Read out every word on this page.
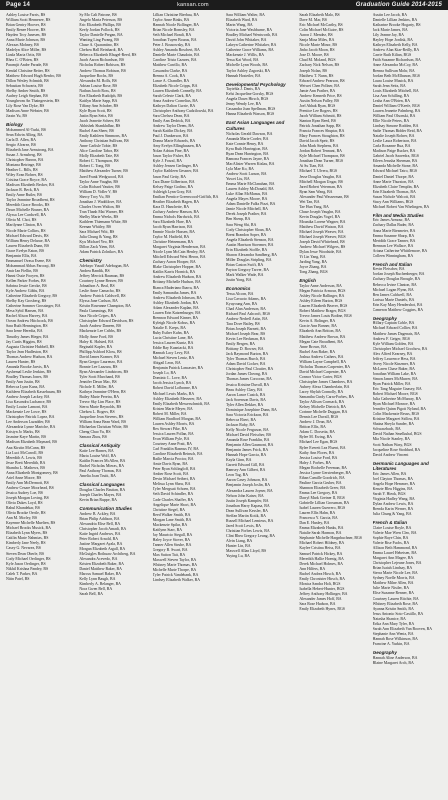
Page 14	kansan.com	Graduation Guide 2014-2015
Ashley Louise Farris, BS
William Scott Hennesee, BS
Brian Gentry Hoover, BS
Emily Renee Hoover, BS
Hayden Troy Janesen, BS
Anna Marie Johnson, BS
Alexzas Mohney, BS
Madelyn Alice Miller, BS
Linda Maria Ortiz, BS
Rhea C. O'Brien, BS
Paramjit Andre Parade, BS
Kendal Christine Reiter, BS
Matthew Edward Hugh Renfro, BS
Dillon Wesley Schmidt, BS
Sebastian Schwartz, BS
Shelby Amber Smith, BS
Audrey Leigh Stephan, BS
Youngbeom An Thaingerstein, BS
Lily Rose Van Dyke, BS
Madison Anne Webster, BS
Jiaxin Yu, BS
Biology
Mohammed Al-Turki, BS
Sean Edwin Alling, BA
Carla D. Allen, BA
Sergio Alvarez, BS
Elizabeth Jane Armstrong, BA
Susan J. Armsberg, BS
Christopher Barron, BA
Montana Betringe, BS
Heather L. Bills, BS
Wiley Evan Bohrer, BS
Cristina Grace Boyce, BA
Madison Elizabeth Becker, BA
Jackson R. Beck, BA
Emily Anne Butler, BS
Taylor Jeannine Broadbent, BS
Meredith Grace Brooks, BS
Dawn Michelle Bruner, BA
Alyssa Lee Cardwell, BA
Olivia M. Choi, BS
Marilynne Clinton, BA
Nicole Marie Collins, BS
Michael Edward Davis, BS
William Henry Delarue, BA
Lauren Elizabeth Dunn, BS
Grace Evelyn Eaton, BS
Benjamin Ellis, BA
Emmanuel Ovasu Esene, BS
Mohammad Abbas Farooqi, BS
Amir Ian Fiellin, BS
Hanni Ossie Fooyen, BS
Kellen Parker Forbes, BS
Sabrina Jessie Gercke, BS
Kyle Andrew Gibbs, BA
Catherine Elizabeth Gregory, BS
Shelby Kay Grosberg, BS
Catherine Sommer Grossinger, BA
Mesa Sybil Hansen, BA
Rachel Alison Harvey, BA
Ocean Andrew Hitchcock, BS
Sara Ruth Hennington, BS
Sara Irene Heredia, BA
Timothy James Hieger, BA
Jay Curtis Higgins, BS
Augusta Christine Hubbell, BS
Taylor Jean Hudleston, BS
Thomas Andrew Hudson, BA
Lauren Hunter, BS
Amanda Brooke Jarvis, BA
Ayshemal Leslie Jenkins, BS
Bradley Thomas Jones, BS
Emily Ann Justin, BS
Rebecca Lynn Kanz, BA
Kathleen Elizabeth Kassebaum, BS
Andrew Joseph Lackey, BA
Lisa Kasondra Lachance, BS
Emily Louise Lamont, BA
Mackenzie Lee Lowe, BS
Christopher Patrick Lopez, BA
Lee Anderson Luzadder, BS
Alexandria Lynne Mariche, BA
Kristyn Jo Marks, BS
Jasmine Kaye Martin, BS
Madison Elizabeth Maynard, BS
Ana Kirstin McCann, BS
Lia Luci McCarroll, BS
Meredith A. Lewis, BS
Jesse Brett Meredith, BA
Shandra L. Mathews, BS
Anna Elizabeth Montgomery, BS
Ariel Anne Moore, BS
Emily Ann McDermott, BS
Andrew Cesare Moorhead, BS
Jessica Audrey Loe, BS
Joseph Morgan Loving, BS
Olivia Dukes Loyd, BS
Rahul Khandekar, BS
Olivia Brooke Oertle, BS
Ann M. Morley, BS
Kayenne Michelle Muelten, BS
Michael Brooks Musick, BA
Elizabeth Lynn Myers, BS
Caitlin Marie Nahmias, BS
Kimberly Jane Neely, BS
Casey G. Nevarez, BS
Steven Dean Oberle, BS
Cody Michael Oerlinger, BS
Kyle Jason Oerlinger, BS
Nikhil Krishna Pandey, BS
Caleb T. Parker, BA
Nitin Patel, BS
Sy Mo Cali Patrone, BS
Angelo Maria Peterson, BS
Eric Elizabeth Phillips, BS
Keely Jordan Pollock, BS
Taylor Danielle Pregan, BA
Wanting Ling Pwang, BS
Chase A. Quarantino, BS
Chelsea Hall Reinhardt, BA
Rebecca Elizabeth Rhugel-Reed, BS
Jacob Aaron Richardson, BS
Nicholas Robert Robison, BS
Andrew Thomas Robison, BS
Jacqueline Rochs, BS
Alexandra M. Rolls, BS
Adrian Louise Rose, BS
Nathan Jacob Ross, BS
Eva Elizabeth Rudolph, BS
Kaitlyn Marie Sapp, BA
Tiffany Ann Schaber, BS
Kyle Ryan Scott, BS
Justin Ryan Seitz, BS
Jacob Jeanette Scheer, BS
Abhishek Shankhdhar, BS
Rachel Ann Sheer, BS
Emily Kathleen Simmons, BA
Anthony Christian Sullivan, BS
Anne Carlisle Tobie, BS
Alice Caroline Tabor, BS
Molly Elizabeth Tate, BS
Robert C. Thompson, BS
Robert C. Tong, BS
Matthew Alexander Turner, BS
Jared Frank Wedgwood, BA
Taylor Anne Vaughn, BS
Colin Richard Vautier, BS
William D. Vidler V, BS
Sherry Troy Vu, BS
Jonathan J. Waddilove, BA
Charles Owen Walton, BS
Tran Thanh Mai Warner, BS
Shelby Marie Weeks, BS
Kathleen Thiemann White, BS
Keenan Whitley, BS
Sara Michael Witt, BS
Julia Chung & Yang, BS
Kyu Michael Yeo, BS
Dillon Zack Yiem, BA
Adam Patrick Zolnikov, BA
Chemistry
Adebayo Yusuff Adebogun, BA
Andrea Bandik, BS
Jeffrey Merrick Bauman, BS
Courtney Lynne Beaver, BS
Johnathon A. Beal, BS
Leslie Anne Camacho, BS
Andrew Patrick Caldwell, BS
Elyssa Jane Carlson, BA
Kristin Roseanne Champion, BA
Paula Cummings, BS
Sara Nicole Cripes, BA
Christopher Edward Davidson, BS
Jacob Andrew Daneen, BS
Mackenzie Lee Cribbs, BS
Molly Anne Ford, BS
Haley K. Halsted, BA
Reginald Kapler, BA
Phillipp Ashford Kloss, BS
David James Kramer, BA
Ryan Gregor Laurenzo, BA
Bonnie Lee Lazzara, BS
Ryan Alexander Lindstrom, BS
Tyler Scott Marchand, BS
Jennifer Dawn Mac, BS
Nichole E. Miller, BA
Kathryn Jeannine O'Hern, BS
Bailey Marie Pereira, BA
Trevor Sky Lim Place, BS
Sierra Marie Reynolds, BS
Chelsea L. Rogers, BS
Jacqueline Jean Stevens, BS
William Anna Bean Ward, BS
Michaelan Christian White, BS
Cheng Chao Yu, BS
Samara Zhou, BS
Classical Antiquity
Katie Lee Barnes, BA
Maria Louise Wolf, BA
Kaitlin Frances McAllen, BA
Rachel Nicholas Mieras, BA
Paul Anthony Thomas, BA
Amelia Joan Truitt, BA
Classical Languages
Douglas Charles Bastian, BA
Joseph Charles Mayes, BA
Kevin Brian Ruppe, BA
Communication Studies
Andrew B. Ackley, BA
Brian Philip Addison, BA
Alexandria Elise Bell, BA
Christopher Jacob Amadi, BA
Katie Ingrid Andrews, BA
Peter Robert Arnold, BA
Justine Margaret Ayala, BA
Morgan Elizabeth Argall, BA
McGuigles Bothuaw Archiberg, BA
Alexandra Acevedo, BA
Kristen Elizabeth Baker, BA
Daniel Matthew Baker, BA
Marcus Samuel Baker, BA
Kelly Lynn Baugh, BA
Kimberly A. Belanger, BA
Nora Gwen Bell, BA
Sarah Bell, BA
Lillian Christine Bierbau, BA
Taylor Anne Binks, BA
Hannah Nicole Bollinger, BA
Brian Nicole Bomsley, BA
Seth Michael Bondi, BA
Jonathan Tuyen Bouras, BA
Peter J. Bousowsky, BA
Ashley Amanda Boschert, BA
Danielle Marie Chaudoin, BA
Caroline Trista Cazares, BA
Matthew Carrillo, BA
Cassandra Clarke, BA
Brenna A. Cook, BA
Lance A. Chandler, BA
Elizabeth Nicole Cripps, BA
Lauren Elizabeth Connelly, BA
Sarah Celeste Clark, BA
Anna Andrew Cornelius, BA
Kathryn Dalton Currie, BA
Christopher Anthony Cudzilowski, BA
Sara Chelsea Dean, BA
Emily Ann Dedrick, BA
Andrew Taylor Deem, BA
Sarah Kaitlin Dickey, BA
Paul J. Dunkerson, BA
Donna Marie Edwards, BA
Amy Evelyn Ellinghausen, BA
Nolan Adrian Fine, BA
Jason Taylor Fisher, BA
Kyle J. Forzal, BA
Ashley Jensen Gerlinger, BA
Taylor Kathleen Gessner, BA
Jason Paul Getty, BA
Tara Diane Gilbertson, BA
Kelsey Paige Godino, BA
Ashleigh Lynn Gray, BA
Emilian Prentice Greenwood-Griffith, BA
Heather Elizabeth Hagen, BA
Kara D. Hanchette, BA
Zachary Andrew Hanson, BA
Emma Nichols Hardwick, BA
Sara Elizabeth Hare, BA
Jacob Ryan Harrison, BA
Emmie Nicole Hassen, BA
Taylor M. Hatfield, BA
Christine Heinemann, BA
Margaret Virginia Henderson, BA
Nicole Lynn McCain Henley, BA
Mitchell Edward West Heron, BA
Zachary Aaron Hooper, BA
Blake Christopher Hopper, BA
Kaitlin Karris Hornick, BA
Andrew Elizabeth Hudson, BA
Brittany Michelle Hudson, BA
Bianca Maderiano Ibarra, BA
Emily Samantha James, BA
Andrew Elizabeth Johnson, BA
Ashley Elizabeth Jordan, BA
Adam Alexander Kaplan, BA
Lauren Erin Katzenburger, BA
Brennon Edward Kinner, BA
Kyleigh Nicole Kobus, BA
Natalie E. Kreps, BA
Ruby Esther Kuhn, BA
Lucia Christine Lane, BA
Jessica Lauren Kuntz, BA
Eddie Ray Kuzniacki, BA
Hannah Lacy Levy, BA
Michael Steven Lentz, BA
Abigail Leon, BA
Benjamin Patrick Lancaster, BA
Joseph Lo, BA
Dominic L. Love, BA
Jacob Jessica Lynch, BA
Robert David Lofbonne, BA
Michael Lewis Marks, BA
Ashley Elizabeth Messerer, BA
Emily Elizabeth Messerschmidt, BA
Kristen Marie Meyer, BA
Robert M. Miller, BA
William Bradford Morgan, BA
Lauren Ashley Morris, BA
Rex Stewart Pike, BA
Jessica Lauren Pollan, BA
Evan William Pyle, BA
Courtney Anne Pratt, BA
Carl Franklin Rasmus IV, BA
Caroline Elizabeth Reinsch, BA
Bailie Marcia Proctor, BA
Amie Davis Ryan, BA
Peter Ryan Schlingloff, BA
Amber Rose Scott, BA
Devin Michael Seibert, BA
Melissa Lynn Shaw, BA
Tyler Mergsutt Schoen, BA
Seth David Schindler, BA
Cade Charles Shaffer, BA
Angelique Marie Short, BA
Christine Siegel, BA
Reed Walker Smith, BA
Morgan Lane Smith, BA
Mackenzie Spilar, BA
Kaitlynn Starr, BA
Jay Mauricio Stegall, BA
Haley Joyce Stover, BA
Tanner Allen Strube, BA
Gregory B. Swart, BA
Max Sutton Tait, BA
Maxwell Steven Taylor, BA
Whitney Marie Thomas, BA
Michelle Marie Thorpe, BA
Tyler Patrick Vandebank, BA
Lindsey Elizabeth Walker, BA
Sara William Walter, BA
Elizabeth Ward, BA
Marin Wang, BA
Victoria Jane Washburne, BA
Bradley Michael Wentworth, BA
David John Whitaker, BA
Lakeyn Catherine Whitaker, BA
Catherine Grace Williams, BA
Mackenzie J. Willis, BA
Tessa Kai Wood, BA
Michelle Lynn Woods, BA
Taylor Ashley Zagorski, BA
Hannah Hostetler, BA
Developmental Psychology
Tayiehla J. Danis, BA
Kelsi Jacqueline Gorsky, BGS
Angela Dawn Hirsch, BGS
Jenny Wendy Lee, BA
Cassandra Joan Spellman, BGS
Hanna Elizabeth Wasson, BGS
East Asian Languages and Cultures
Nicholas Gerald Dawson, BA
Amanda Marie Corder, BA
Kate Connie Henry, BA
Kyra Ruth Harrington, BA
Ryan Dean Harrington, BA
Ramona Frances Jayne, BA
MacAlister Warren Kizlau, BA
Lyla Mae Ko, BA
Andrew Scott Larson, BA
Yuwei Liu, BA
Emma Marie McClanahan, BA
Lauren Ashley McDonald, BA
Luke Allan McManus, BA
Angela Mayes Moore, BA
Adam Danielle Fulks Pizzi, BA
Jamie Nicole Mitchell, BA
Derek Joseph Prather, BA
Ben Shenp, BA
Sara Weng Shi, BA
Cody Christopher Sloan, BA
Brent Brandon Soper, BA
Angela Elizabeth Stenson, BA
Austin Harrison Stoermer, BA
Erin Elizabeth Stoffle, BA
Sharon Alexandra Sandberg, BA
Miller Douglas Stripling, BA
Brian Caston Swift, BA
Payton Gregory Tarver, BA
Mark Walker Wade, BA
Justin Yong, BA
Economics
Tessa Alcorn, BA
Lisa Cavuoto Adams, BA
Kyuyoung Ann, BA
Chad Alan Anderson, BA
Richard Paul Ashcroft, BGS
Andrew Nedrell Astin, BA
Tara Dove Bailey, BS
Brian Joseph Barnett, BA
Michael Joseph Bear, BS
Kevin Lee Beckman, BA
Emily Bergen, BA
Brittany D. Bowser, BA
Jack Raymond Burton, BA
Tyler Thomas Burch, BA
Adam David Cocker, BA
Christopher Paul Cloutier, BA
Jordan James Cheong, BA
Thomas James Corcoran, BA
Jessica Kristine Duvall, BA
Beau Ashley Clary, BA
Aaron Lance Cusick, BA
Jack Sorenson Davis, BA
Tyler Allen Dekker, BA
Dominique Josephine Dunn, BA
Sara Victoria Erickson, BA
Rebecca Ebert, BA
Jackson Ruby, BA
Kelly Nicole Ferguson, BA
Michael David Fleischer, BS
Amanda Rose Franklin, BA
Benjamin Allen Gaumont, BA
Benjamin James Frick, BA
Hannah Hope Garcia, BA
Kayla Ginn, BA
Garrett Edward Gill, BA
Ramsey Ann Gilbert, BA
Leon Tag, BA
Aaron Casey Johnson, BA
Benjamin Joseph Joslin, BA
Alexandra Lauren Joyner, BA
Nelson John Kaiser, BA
Justin Joseph Kampfer, BA
Jonathan Harry Kapasa, BA
Dean Sullivan Kessler, BA
Steffan Martin Kotik, BA
Russell Michael Lemieux, BA
Jared Scott Lewis, BA
Christian Forbes Lewis, BA
Clint Rhea Gregory Leung, BA
Alvin Liang, BA
Hunter Lin, BA
Maxwell Allan Lloyd, BS
Yuying Lu, BA
Sarah Elizabeth Malo, BS
Dave M. Mar, BS
Eric Michael McCarthy, BS
Colin Michael McGuire, BS
Aaron J. Mendez, BS
Sanja Mina Miles, BA
Nicole Marie Minor, BS
Jinho Jacob Moon, BS
Jose D. Moore, BS
Chad M. Moland, BGS
Zachary Nick Nelson, BS
Joseph Nolan, BS
Matthew T. Nunn, BS
Edward Andrew Pearson, BS
Weiwei Chen Pollner, BA
Jamie Ann Prather, BA
Andrew Kenneth Price, BS
Austin Nelson Pulley, BS
Joel Abhak Ryan, BGS
Prentice Lee Rogers, BS
Jacob William Schmitt, BS
Stanton Ryan Reed, BS
Patrick Jonathan Sapp, BS
Francia Frances Shuptar, BA
Mary Frances Stoughton, BS
David Jacob Speir, BS
John Mark Stephens, BA
Jordan Robert Tennant, BA
Kyle Michael Thompson, BS
Jonathan Dean Turner, BGS
Ai Su Tian, BA
Michael T. Ulvera, BGS
Jesse Douglas Vaughn, BA
Mitchell Morgan Ungar, BS
Jared Robert Veterman, BA
Ryan Sam Wang, BA
Alexander Paul Wasserman, BS
Wei Tan, BA
Tae Hun Yang, BA
Chase Joseph Vaughn, BA
Kevin Douglas Vogel, BA
Mounika Lorene Wagner, BA
Matthew David Watson, BA
Michael Joseph Weaver, BA
Michael Joseph Weaver, BGS
Joseph David Whitehead, BS
Andrew Michael Wilgers, BS
Dylan Jesse Woodside, BA
Yi Lin Yang, BA
Jarding Yang, BA
Joyce Zhang, BA
Tong Zhang, BGS
English
Taylor Anne Anderson, BA
Megan Patricia Armour, BGS
Ashley Nicole Ballinger, BA
Ashley Eileen Barton, BGS
Lauren Elizabeth Beaver, BGS
Robert Matthew Brager, BGS
Trevor James Louis Bodine, BGS
Kevin A. Bolinger, BA
Gracie Ann Bonner, BA
Elizabeth Ann Britton, BA
Matthew Andrew Brown, BA
Megan Cate Broadbent, BA
Anne Brown, BA
Rachel Ann Baker, BA
Joshua Andrew Cathers, BA
William Layne Campbell, BA
Nicholas Thomas Carpenter, BA
David Michael Carpenter, BA
Connor Victor Carter, BGS
Christopher James Chambers, BA
Aubrey Alexa Chamberlain, BA
Lacey Shylah Connolly, BA
Samantha Cindy Carra-Forbes, BA
Taylor Allison Cormack, BA
Kelsey Michelle Dietrich, BA
Corinne Michelle Duggan, BA
Dennis Lee Duvall, BGS
Andrew J. Dean, BA
Britton Ellis, BA
Adam C. Dorsetta, BA
Rylee M. Ewing, BA
Michael Lee Egan, BGS
Rylee Everett Lea Fluent, BA
Kathy Ann Flores, BA
Jessica Louise Ford, BA
Haley J. Forbes, BA
Megan Rochelle Freeman, BA
Jessica Lynne Gerstenberger, BA
Ethan Camille Goodrich, BA
Pauline Garcia Gruber, BA
Shannon Elizabeth Greer, BA
Emma Lee Gregory, BA
Darryl Mark Greiner II, BGS
Gabrielle Lillian Grossman, BA
Isabel Lauren Guerrero, BGS
Lauren Ellis Hahn, BA
Francesca Y. Garcia, BA
Dan E. Hanley, BA
Emma Elizabeth Hanks, BA
Natalie Sarah Harmon, BA
Stephanie Michelle Hargnbuchner, BGS
Michael Robert Hildney, BA
Kaylee Cristina Heiss, BA
Samuel Patrick Hickey, BA
Meredith Hallie Hoenig, BA
Derek Michael Holmes, BA
Ann Hilfers, BA
Rachel Andrea Hirsch, BA
Emily Chronister Hirsch, BA
Monica Sandra Holt, BGS
Isabella Hebert-Hunter, BGS
Jeffrey Anthony Hollinger, BA
Alexander James Hoff, BA
Sara Rose Hudson, BA
Emily Elizabeth Hynes, BGS
Austin Lee Jacob, BA
Danielle Lillian Jenkins, BA
Katharine Brooke Hogarty, BS
Jack Marie James, BA
Lily Jeanne Jay, BA
Hayley Hope Jordisk, BA
Kathryn Elisabeth Kelly, BA
Andrew Alan Kiar-Reilly, BA
Carrie Ruth Kilian, BGS
Faith Suzanne Richardson, BA
Anne Alexandra McCoy, BA
Brenna Sullivan Mohr, BA
Jordan Beth McElhanon, BGS
Laura Louise Musick, BA
Sarah Jenn Seitz, BA
Louis Elizabeth Mitchell, BA
Lisa Ann Schilling, BA
Leaha Ann O'Brien, BA
Daniel William O'Keefe, BGS
Lauren Jeanette Palmberg, BA
William Paul Olsonski, BA
Ellie Nicole Peters, BA
Lindsay Simone Rodden, BA
Sadie Thomas Ridder Reid, BA
Natalie Joseph Rohrer, BA
Leslie Laura Robertson, BA
Carla Roxanne Rua, BA
Madison Paige Rucker, BA
Gabriel Jacob Saavedra, BGS
Eileen Jerusha Sherman, BA
Amanda Michelle Stone, BA
Edward Michael Tatro, BGS
Daniel Daniel Thorpe, BA
Anne Marie Thurston, BA
Elizabeth Claire Templin, BA
Erin Elizabeth Thomas, BA
Susan Nichole Walcott, BA
Stacy Ann Williams, BGS
Michael Robert Van Whelingen, BA
Film and Media Studies
Eric James Armour, BA
Zachary Dallas Bader, BA
Anna Marie Biesmeier, BA
Emma Susanne Sharp, BA
Meridith Grace Tanner, BA
Brennan Lee Wallace, BA
Ariana Catherine Whittlemore, BA
Colleen Winningham, BA
French and Italian
Kevin Fleischer, BA
Jordan Joseph Ruchenberger, BA
Zachary Douglas Brougle, BA
Rebecca Irvine Clanton, BA
Michael Logan Flynn, BA
Ben James Caldwell, BA
Larissa Marie Daniels, BA
Erin Kay Mary Hendershot, BA
Cameron Matthew Coggins, BA
Geography
Hillary Captain Coble, BA
Michael Edward Collier, BA
Matthew James Dagenais, BA
Andrew F. Geiger, BGS
Kyle William Golden, BA
Christopher Michael Grochow, BA
Alex Alfred Kearney, BA
Jeffrey Lawrence Hess, BA
Avery Nicole Kinzmer, BA
McLaren Chase Baker, BA
Jonathan William Lake, BA
Simon James McMurrer, BA
Ryan Patrick Miller, BA
Eric Tang Maguire Gnasey, BA
Robert Michael Moore, BGS
Julia Catherine McMurray, BA
Ryan Michael Monroe, BA
Jennifer Quinn Pigott Nyland, BA
Colin Mackenzie Reuss, BGS
Kristine Margaret Sidlow, BA
Shaina Sheyla Sunder, BA
Schwarzbach, BA
David Nathan Smelkuhal, BGS
Mia Nicole Stanley, BA
Scott Nathan Wasy, BGS
Jacqueline Rose Stoddard, BA
David Andrew Vincent
Germanic Languages and Literatures
Eric James Allen, BA
Joel Clayton Thomas, BA
Angela Hope Hemmer, BA
Kenzie Bleu Higgins, BA
Sarah Y. Hieok, BGS
Virginia Hadley Wang, BA
Dylan Andrew Lewis, BA
Brenda Karin Werner, BA
Julia Chung & Yang, BA
French & Italian
Claire Louise Boyle, BA
Valerie Mae Wren Cleo, BA
Sophie Raye Chin, BA
Valerie Rise Fuchs, BA
Allison Beth Hammond, BA
Emma Laurel Hebeisen, BA
Margaret Ann Magee, BA
Christopher Lejeune Jones, BA
Brian Isaiah Lindsay, BA
Sierra Marie Nicole Lee, BA
Sydney Noelle Morris, BA
Matthew Milne Allen, BA
Julie Marie Nistler, BA
Elise Suzanne Renner, BA
Courtney Lauren Ritchie, BA
Whitney Elizabeth Rose, BA
Ayanna Kristin Smith, BA
Jesus Antonio Soto-Castillo, BA
Natasha Shanice, BA
Erika Ann Mary Tyler, BA
Sarah Ann Elizabeth Van Booven, BA
Stephanie Ann Wentz, BA
Hannah Rose Wilkinson, BA
Francine A. Yurkin, BA
Geography
Hannah Aline Anderson, BA
Blaine Margaret Arch, BA
